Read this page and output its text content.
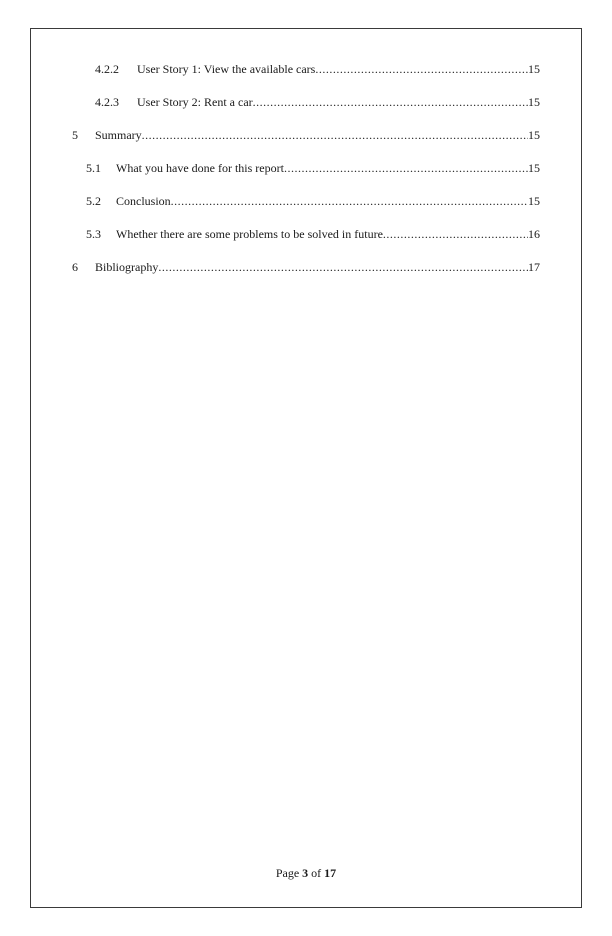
4.2.2	User Story 1: View the available cars .....	15
4.2.3	User Story 2: Rent a car .....	15
5	Summary .....	15
5.1	What you have done for this report .....	15
5.2	Conclusion .....	15
5.3	Whether there are some problems to be solved in future .....	16
6	Bibliography .....	17
Page 3 of 17
